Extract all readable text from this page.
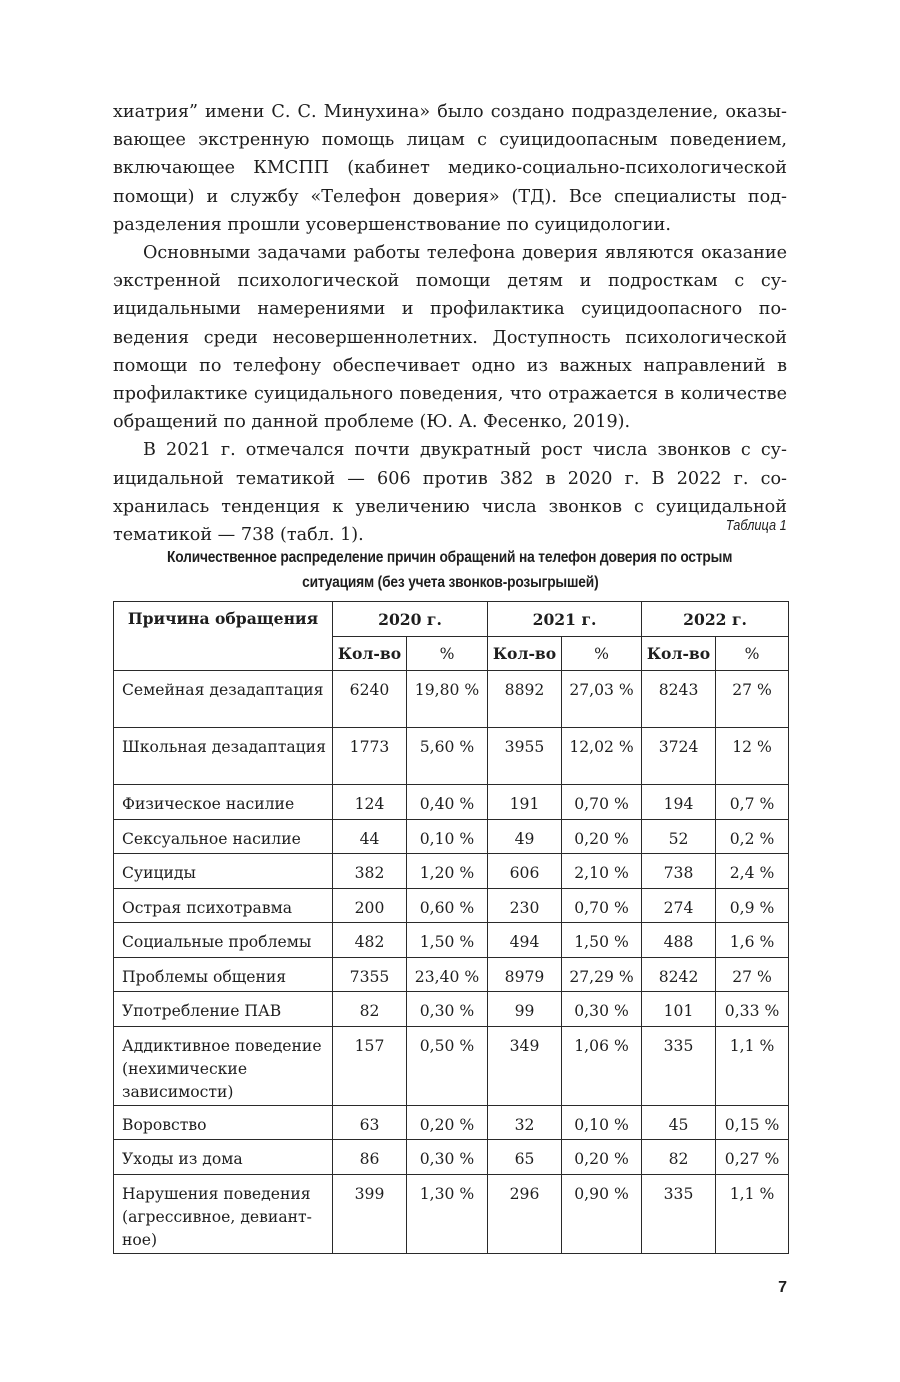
хиатрия” имени С. С. Минухина» было создано подразделение, оказывающее экстренную помощь лицам с суицидоопасным поведением, включающее КМСПП (кабинет медико-социально-психологической помощи) и службу «Телефон доверия» (ТД). Все специалисты подразделения прошли усовершенствование по суицидологии.

Основными задачами работы телефона доверия являются оказание экстренной психологической помощи детям и подросткам с суицидальными намерениями и профилактика суицидоопасного поведения среди несовершеннолетних. Доступность психологической помощи по телефону обеспечивает одно из важных направлений в профилактике суицидального поведения, что отражается в количестве обращений по данной проблеме (Ю. А. Фесенко, 2019).

В 2021 г. отмечался почти двукратный рост числа звонков с суицидальной тематикой — 606 против 382 в 2020 г. В 2022 г. сохранилась тенденция к увеличению числа звонков с суицидальной тематикой — 738 (табл. 1).	Таблица 1
Количественное распределение причин обращений на телефон доверия по острым
ситуациям (без учета звонков-розыгрышей)
Причина обращения	2020 г.		2021 г.		2022 г.	
	Кол-во	%	Кол-во	%	Кол-во	%
Семейная дезадаптация	6240	19,80 %	8892	27,03 %	8243	27 %
Школьная дезадаптация	1773	5,60 %	3955	12,02 %	3724	12 %
Физическое насилие	124	0,40 %	191	0,70 %	194	0,7 %
Сексуальное насилие	44	0,10 %	49	0,20 %	52	0,2 %
Суициды	382	1,20 %	606	2,10 %	738	2,4 %
Острая психотравма	200	0,60 %	230	0,70 %	274	0,9 %
Социальные проблемы	482	1,50 %	494	1,50 %	488	1,6 %
Проблемы общения	7355	23,40 %	8979	27,29 %	8242	27 %
Употребление ПАВ	82	0,30 %	99	0,30 %	101	0,33 %
Аддиктивное поведение (нехимические зависимости)	157	0,50 %	349	1,06 %	335	1,1 %
Воровство	63	0,20 %	32	0,10 %	45	0,15 %
Уходы из дома	86	0,30 %	65	0,20 %	82	0,27 %
Нарушения поведения (агрессивное, девиантное)	399	1,30 %	296	0,90 %	335	1,1 %
7
